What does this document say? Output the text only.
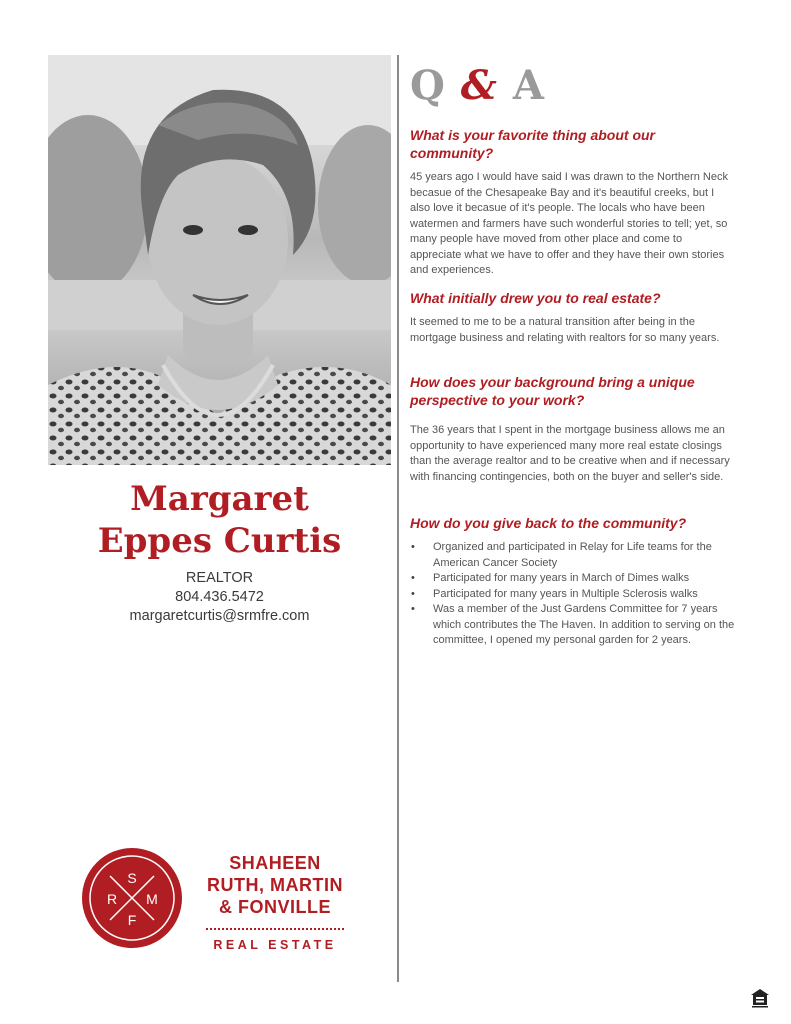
Margaret
Eppes Curtis
REALTOR
804.436.5472
margaretcurtis@srmfre.com
Q & A
What is your favorite thing about our community?
45 years ago I would have said I was drawn to the Northern Neck becasue of the Chesapeake Bay and it's beautiful creeks, but I also love it becasue of it's people. The locals who have been watermen and farmers have such wonderful stories to tell; yet, so many people have moved from other place and come to appreciate what we have to offer and they have their own stories and experiences.
What initially drew you to real estate?
It seemed to me to be a natural transition after being in the mortgage business and relating with realtors for so many years.
How does your background bring a unique perspective to your work?
The 36 years that I spent in the mortgage business allows me an opportunity to have experienced many more real estate closings than the average realtor and to be creative when and if necessary with financing contingencies, both on the buyer and seller's side.
How do you give back to the community?
• Organized and participated in Relay for Life teams for the American Cancer Society
• Participated for many years in March of Dimes walks
• Participated for many years in Multiple Sclerosis walks
• Was a member of the Just Gardens Committee for 7 years which contributes the The Haven. In addition to serving on the committee, I opened my personal garden for 2 years.
S
R M
F
SHAHEEN
RUTH, MARTIN
& FONVILLE
REAL ESTATE
